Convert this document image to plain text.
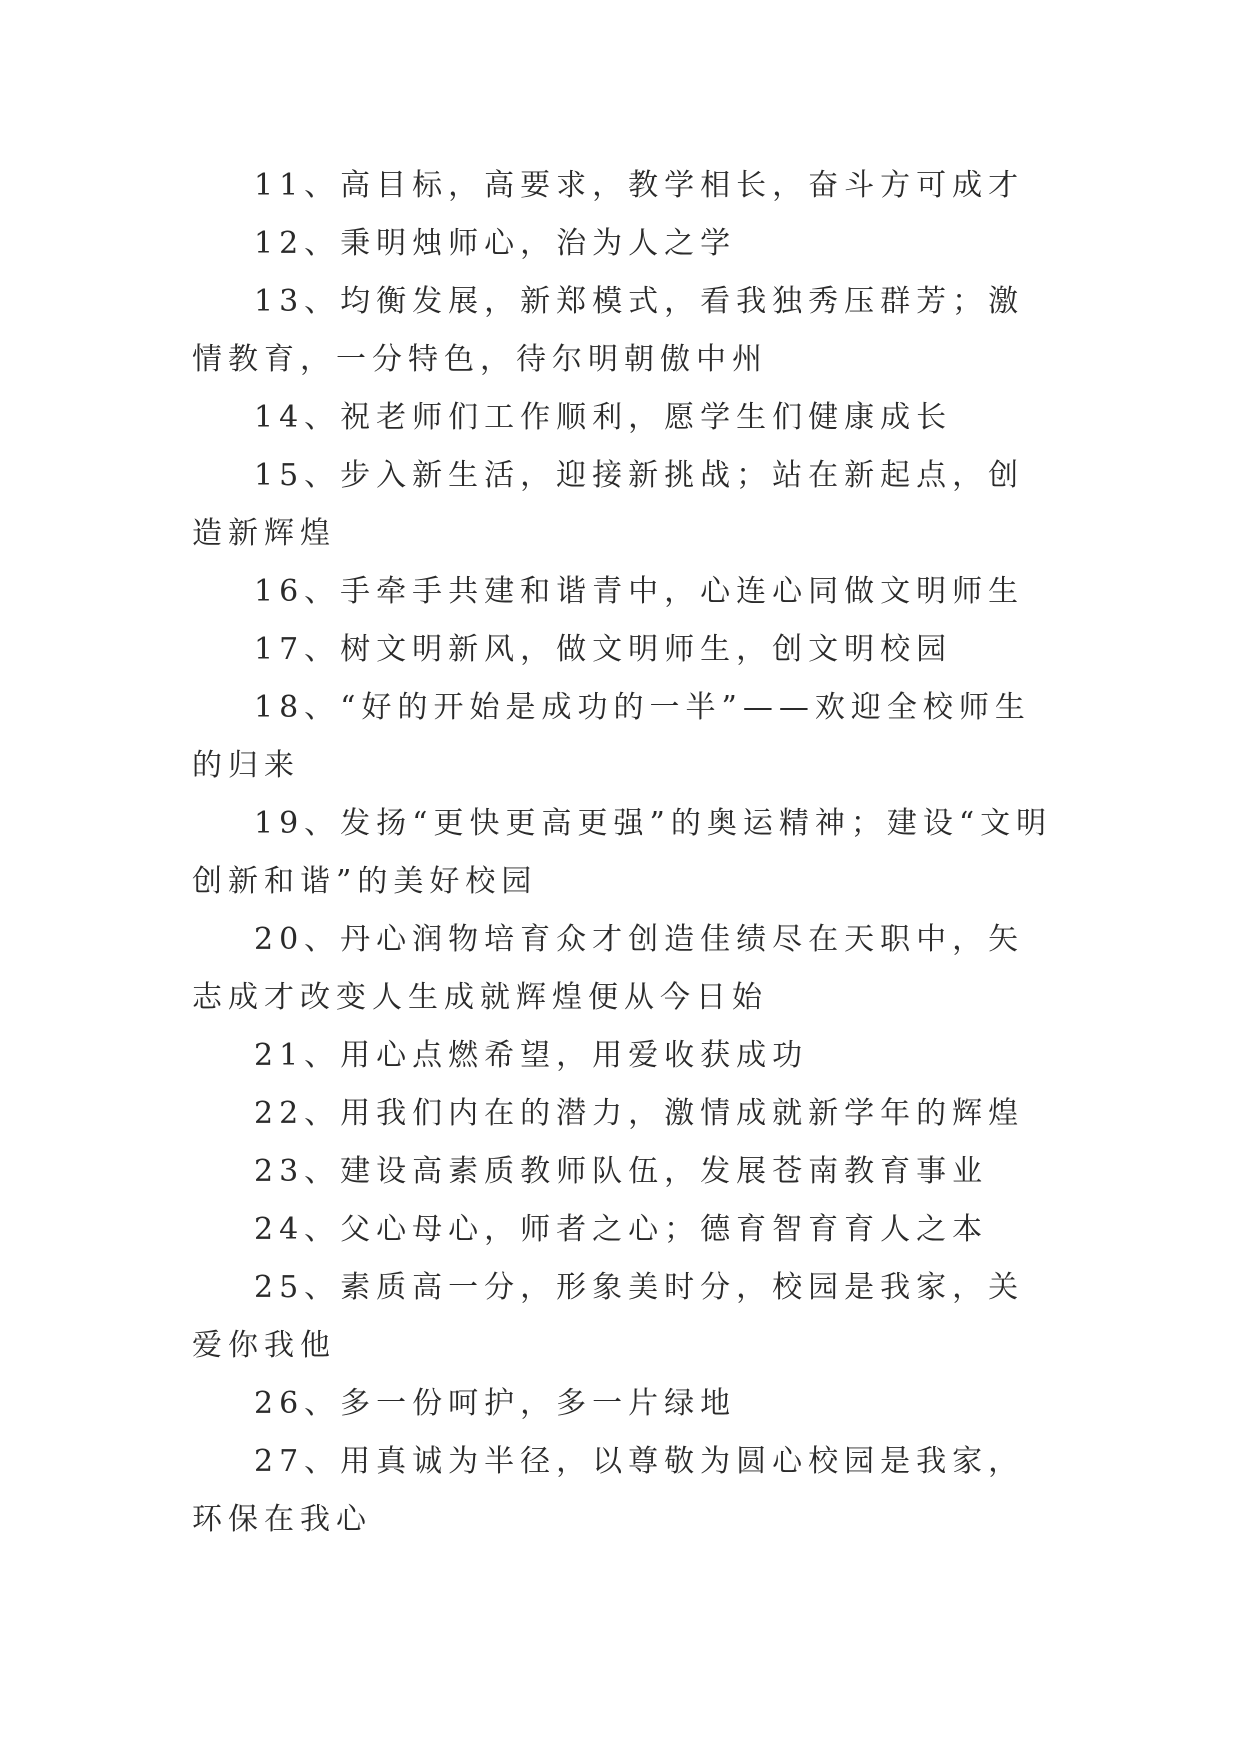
11、高目标，高要求，教学相长，奋斗方可成才

12、秉明烛师心，治为人之学

13、均衡发展，新郑模式，看我独秀压群芳；激情教育，一分特色，待尔明朝傲中州

14、祝老师们工作顺利，愿学生们健康成长

15、步入新生活，迎接新挑战；站在新起点，创造新辉煌

16、手牵手共建和谐青中，心连心同做文明师生

17、树文明新风，做文明师生，创文明校园

18、“好的开始是成功的一半”——欢迎全校师生的归来

19、发扬“更快更高更强”的奥运精神；建设“文明创新和谐”的美好校园

20、丹心润物培育众才创造佳绩尽在天职中，矢志成才改变人生成就辉煌便从今日始

21、用心点燃希望，用爱收获成功

22、用我们内在的潜力，激情成就新学年的辉煌

23、建设高素质教师队伍，发展苍南教育事业

24、父心母心，师者之心；德育智育育人之本

25、素质高一分，形象美时分，校园是我家，关爱你我他

26、多一份呵护，多一片绿地

27、用真诚为半径，以尊敬为圆心校园是我家，环保在我心
